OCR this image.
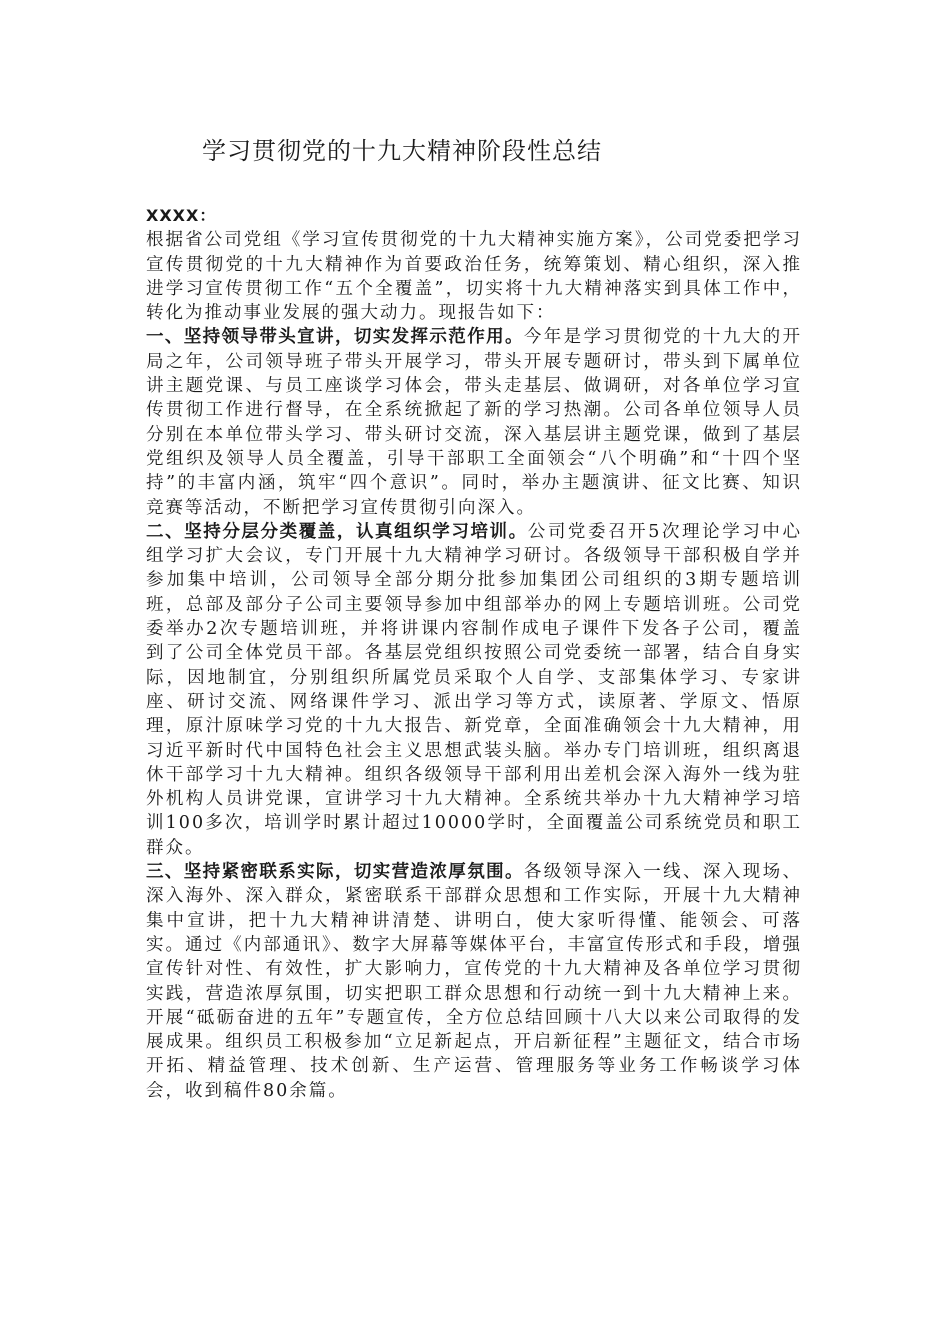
学习贯彻党的十九大精神阶段性总结

XXXX：

根据省公司党组《学习宣传贯彻党的十九大精神实施方案》，公司党委把学习宣传贯彻党的十九大精神作为首要政治任务，统筹策划、精心组织，深入推进学习宣传贯彻工作“五个全覆盖”，切实将十九大精神落实到具体工作中，转化为推动事业发展的强大动力。现报告如下：

一、坚持领导带头宣讲，切实发挥示范作用。今年是学习贯彻党的十九大的开局之年，公司领导班子带头开展学习，带头开展专题研讨，带头到下属单位讲主题党课、与员工座谈学习体会，带头走基层、做调研，对各单位学习宣传贯彻工作进行督导，在全系统掀起了新的学习热潮。公司各单位领导人员分别在本单位带头学习、带头研讨交流，深入基层讲主题党课，做到了基层党组织及领导人员全覆盖，引导干部职工全面领会“八个明确”和“十四个坚持”的丰富内涵，筑牢“四个意识”。同时，举办主题演讲、征文比赛、知识竞赛等活动，不断把学习宣传贯彻引向深入。

二、坚持分层分类覆盖，认真组织学习培训。公司党委召开5次理论学习中心组学习扩大会议，专门开展十九大精神学习研讨。各级领导干部积极自学并参加集中培训，公司领导全部分期分批参加集团公司组织的3期专题培训班，总部及部分子公司主要领导参加中组部举办的网上专题培训班。公司党委举办2次专题培训班，并将讲课内容制作成电子课件下发各子公司，覆盖到了公司全体党员干部。各基层党组织按照公司党委统一部署，结合自身实际，因地制宜，分别组织所属党员采取个人自学、支部集体学习、专家讲座、研讨交流、网络课件学习、派出学习等方式，读原著、学原文、悟原理，原汁原味学习党的十九大报告、新党章，全面准确领会十九大精神，用习近平新时代中国特色社会主义思想武装头脑。举办专门培训班，组织离退休干部学习十九大精神。组织各级领导干部利用出差机会深入海外一线为驻外机构人员讲党课，宣讲学习十九大精神。全系统共举办十九大精神学习培训100多次，培训学时累计超过10000学时，全面覆盖公司系统党员和职工群众。

三、坚持紧密联系实际，切实营造浓厚氛围。各级领导深入一线、深入现场、深入海外、深入群众，紧密联系干部群众思想和工作实际，开展十九大精神集中宣讲，把十九大精神讲清楚、讲明白，使大家听得懂、能领会、可落实。通过《内部通讯》、数字大屏幕等媒体平台，丰富宣传形式和手段，增强宣传针对性、有效性，扩大影响力，宣传党的十九大精神及各单位学习贯彻实践，营造浓厚氛围，切实把职工群众思想和行动统一到十九大精神上来。开展“砥砺奋进的五年”专题宣传，全方位总结回顾十八大以来公司取得的发展成果。组织员工积极参加“立足新起点，开启新征程”主题征文，结合市场开拓、精益管理、技术创新、生产运营、管理服务等业务工作畅谈学习体会，收到稿件80余篇。
